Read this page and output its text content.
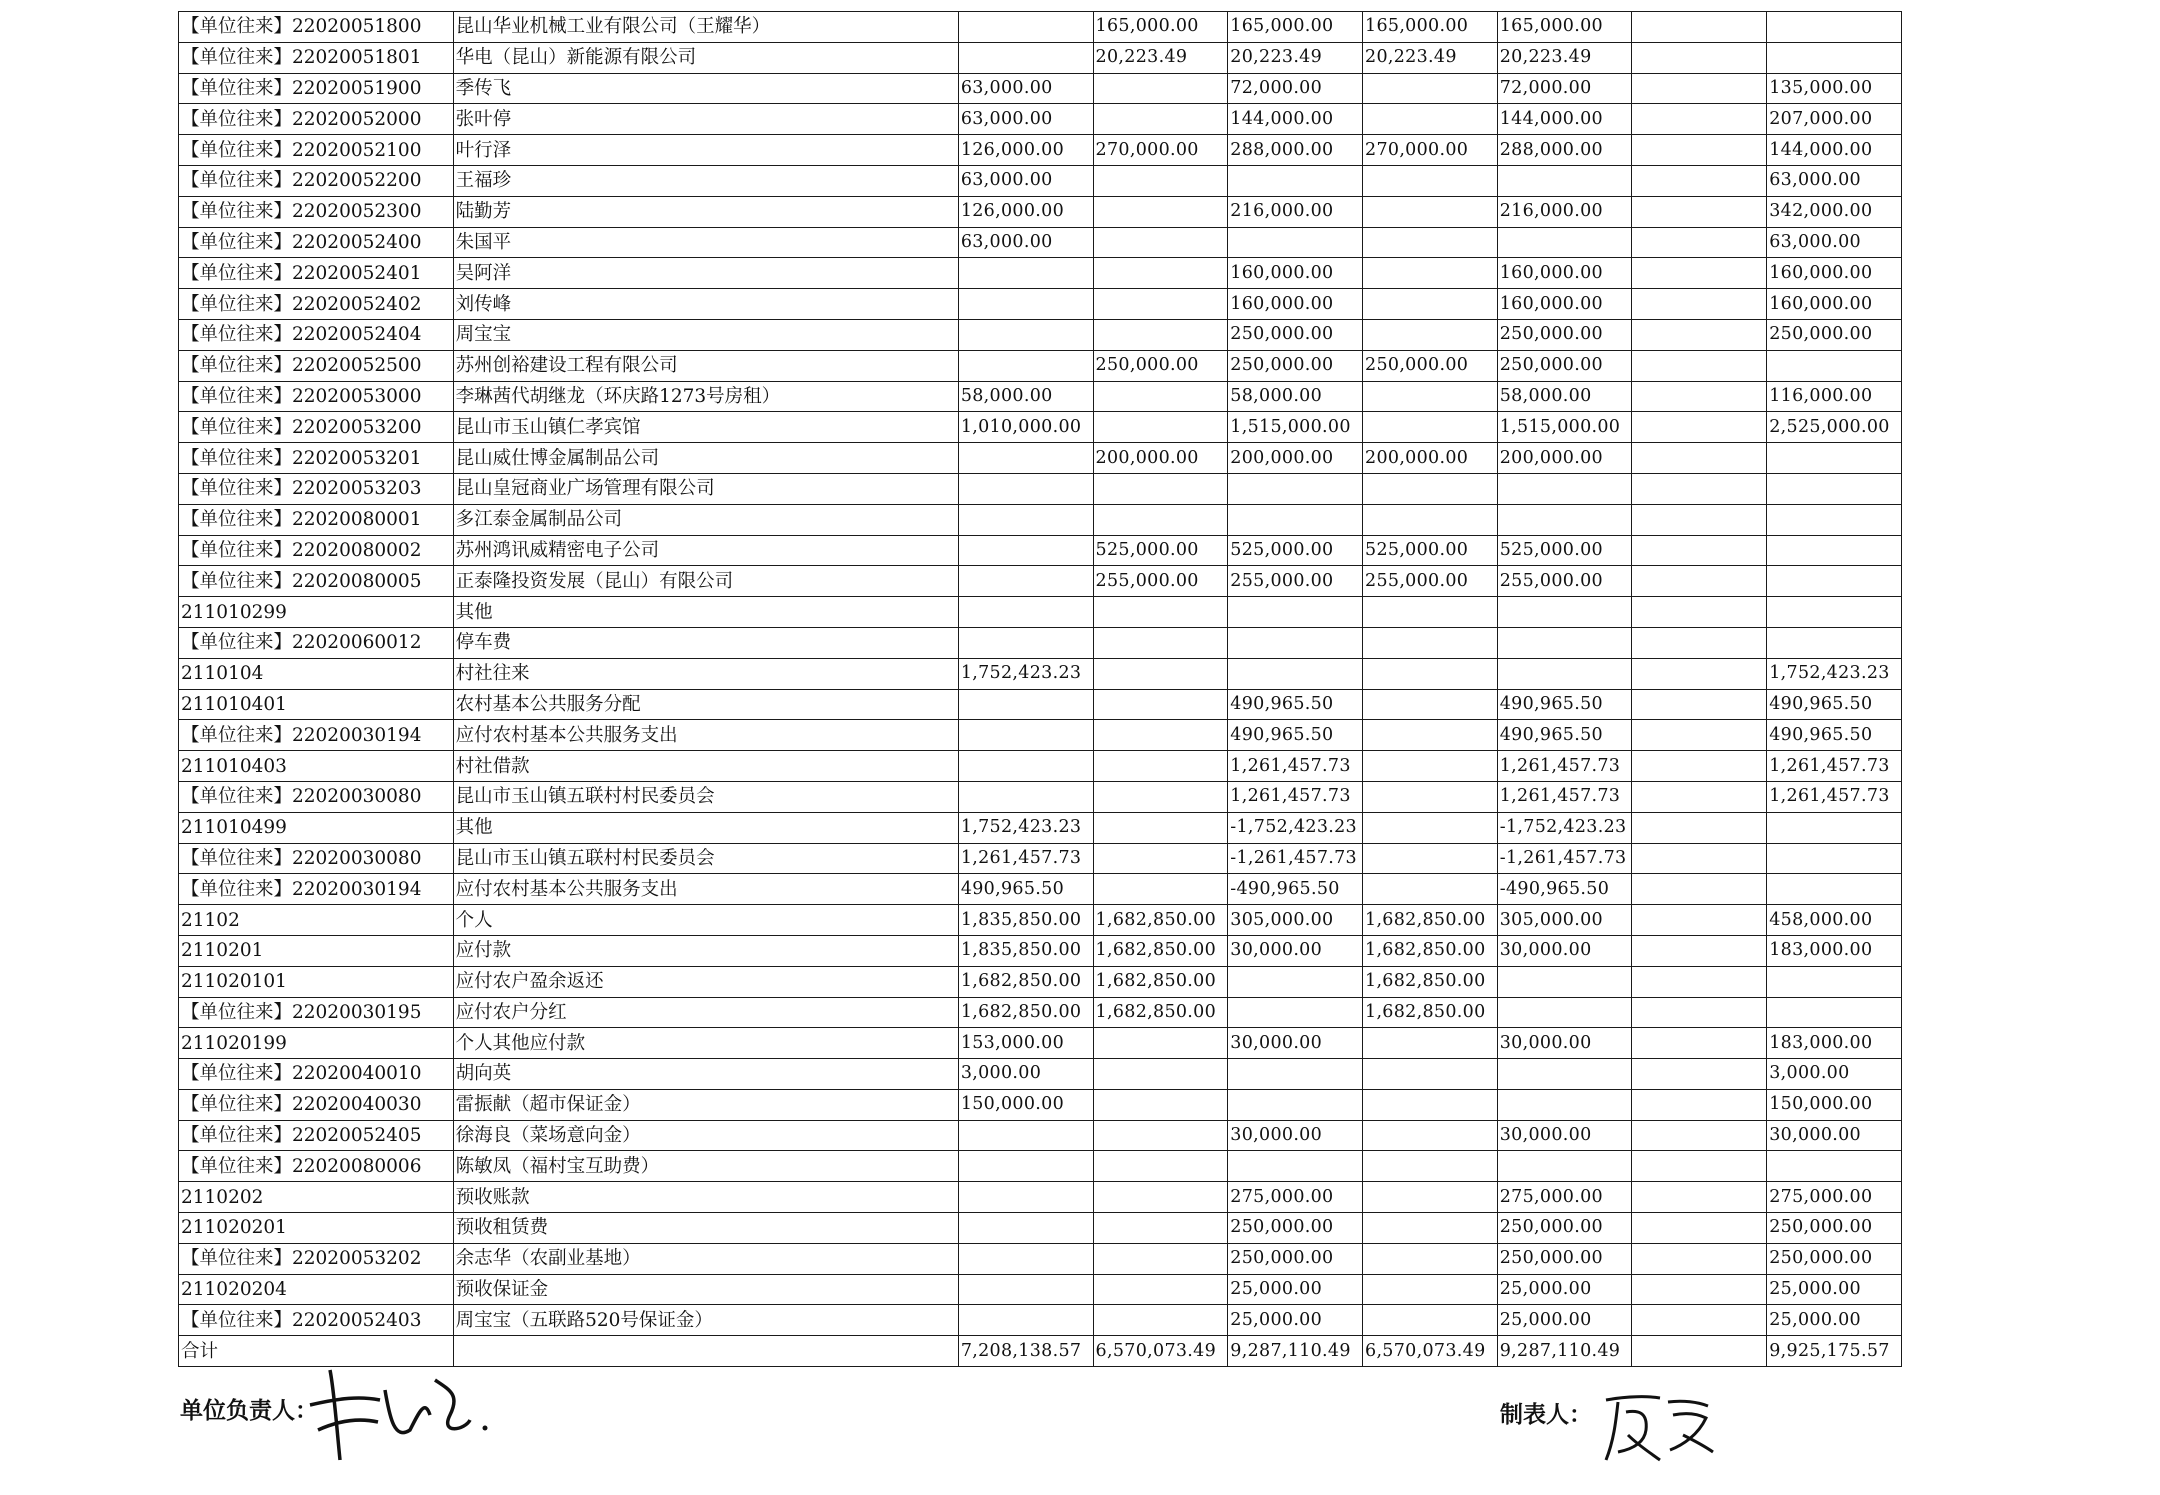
【单位往来】22020051800	昆山华业机械工业有限公司（王耀华）		165,000.00	165,000.00	165,000.00	165,000.00		
【单位往来】22020051801	华电（昆山）新能源有限公司		20,223.49	20,223.49	20,223.49	20,223.49		
【单位往来】22020051900	季传飞	63,000.00		72,000.00		72,000.00		135,000.00
【单位往来】22020052000	张叶停	63,000.00		144,000.00		144,000.00		207,000.00
【单位往来】22020052100	叶行泽	126,000.00	270,000.00	288,000.00	270,000.00	288,000.00		144,000.00
【单位往来】22020052200	王福珍	63,000.00						63,000.00
【单位往来】22020052300	陆勤芳	126,000.00		216,000.00		216,000.00		342,000.00
【单位往来】22020052400	朱国平	63,000.00						63,000.00
【单位往来】22020052401	吴阿洋			160,000.00		160,000.00		160,000.00
【单位往来】22020052402	刘传峰			160,000.00		160,000.00		160,000.00
【单位往来】22020052404	周宝宝			250,000.00		250,000.00		250,000.00
【单位往来】22020052500	苏州创裕建设工程有限公司		250,000.00	250,000.00	250,000.00	250,000.00		
【单位往来】22020053000	李琳茜代胡继龙（环庆路1273号房租）	58,000.00		58,000.00		58,000.00		116,000.00
【单位往来】22020053200	昆山市玉山镇仁孝宾馆	1,010,000.00		1,515,000.00		1,515,000.00		2,525,000.00
【单位往来】22020053201	昆山威仕博金属制品公司		200,000.00	200,000.00	200,000.00	200,000.00		
【单位往来】22020053203	昆山皇冠商业广场管理有限公司							
【单位往来】22020080001	多江泰金属制品公司							
【单位往来】22020080002	苏州鸿讯威精密电子公司		525,000.00	525,000.00	525,000.00	525,000.00		
【单位往来】22020080005	正泰隆投资发展（昆山）有限公司		255,000.00	255,000.00	255,000.00	255,000.00		
211010299	其他							
【单位往来】22020060012	停车费							
2110104	村社往来	1,752,423.23						1,752,423.23
211010401	农村基本公共服务分配			490,965.50		490,965.50		490,965.50
【单位往来】22020030194	应付农村基本公共服务支出			490,965.50		490,965.50		490,965.50
211010403	村社借款			1,261,457.73		1,261,457.73		1,261,457.73
【单位往来】22020030080	昆山市玉山镇五联村村民委员会			1,261,457.73		1,261,457.73		1,261,457.73
211010499	其他	1,752,423.23		-1,752,423.23		-1,752,423.23		
【单位往来】22020030080	昆山市玉山镇五联村村民委员会	1,261,457.73		-1,261,457.73		-1,261,457.73		
【单位往来】22020030194	应付农村基本公共服务支出	490,965.50		-490,965.50		-490,965.50		
21102	个人	1,835,850.00	1,682,850.00	305,000.00	1,682,850.00	305,000.00		458,000.00
2110201	应付款	1,835,850.00	1,682,850.00	30,000.00	1,682,850.00	30,000.00		183,000.00
211020101	应付农户盈余返还	1,682,850.00	1,682,850.00		1,682,850.00			
【单位往来】22020030195	应付农户分红	1,682,850.00	1,682,850.00		1,682,850.00			
211020199	个人其他应付款	153,000.00		30,000.00		30,000.00		183,000.00
【单位往来】22020040010	胡向英	3,000.00						3,000.00
【单位往来】22020040030	雷振献（超市保证金）	150,000.00						150,000.00
【单位往来】22020052405	徐海良（菜场意向金）			30,000.00		30,000.00		30,000.00
【单位往来】22020080006	陈敏凤（福村宝互助费）							
2110202	预收账款			275,000.00		275,000.00		275,000.00
211020201	预收租赁费			250,000.00		250,000.00		250,000.00
【单位往来】22020053202	余志华（农副业基地）			250,000.00		250,000.00		250,000.00
211020204	预收保证金			25,000.00		25,000.00		25,000.00
【单位往来】22020052403	周宝宝（五联路520号保证金）			25,000.00		25,000.00		25,000.00
合计		7,208,138.57	6,570,073.49	9,287,110.49	6,570,073.49	9,287,110.49		9,925,175.57
单位负责人：	制表人：
